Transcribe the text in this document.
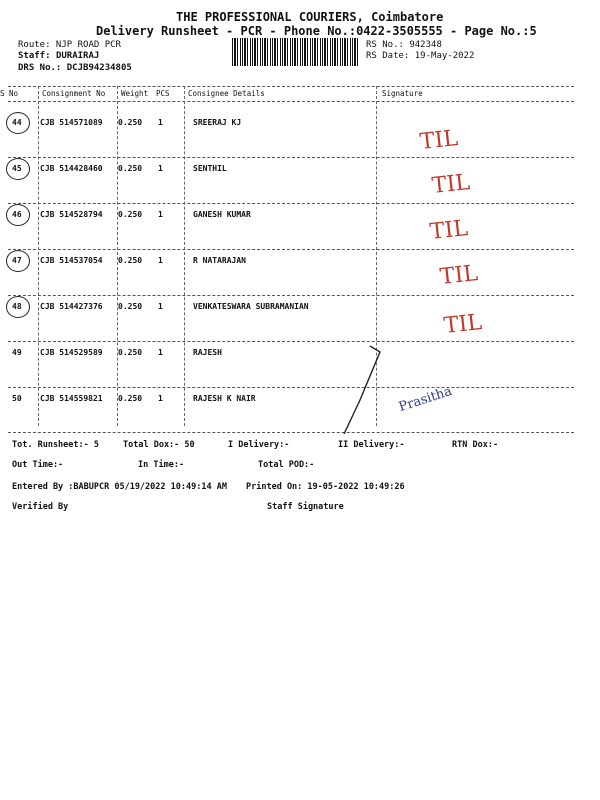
THE PROFESSIONAL COURIERS, Coimbatore
Delivery Runsheet - PCR - Phone No.:0422-3505555 - Page No.:5
Route: NJP ROAD PCR
Staff: DURAIRAJ
DRS No.: DCJB94234805
RS No.: 942348
RS Date: 19-May-2022
S No	Consignment No Weight PCS Consignee Details	Signature
44 CJB 514571089 0.250 1	SREERAJ KJ
TIL
45 CJB 514428460 0.250 1	SENTHIL
TIL
46 CJB 514528794 0.250 1	GANESH KUMAR
TIL
47 CJB 514537054 0.250 1	R NATARAJAN
TIL
48 CJB 514427376 0.250 1	VENKATESWARA SUBRAMANIAN
TIL
49 CJB 514529589 0.250 1	RAJESH
50 CJB 514559821 0.250 1	RAJESH K NAIR	Prasitha
Tot. Runsheet:- 5	Total Dox:- 50	I Delivery:-	II Delivery:-	RTN Dox:-
Out Time:-	In Time:-	Total POD:-
Entered By :BABUPCR 05/19/2022 10:49:14 AM Printed On: 19-05-2022 10:49:26
Verified By	Staff Signature
